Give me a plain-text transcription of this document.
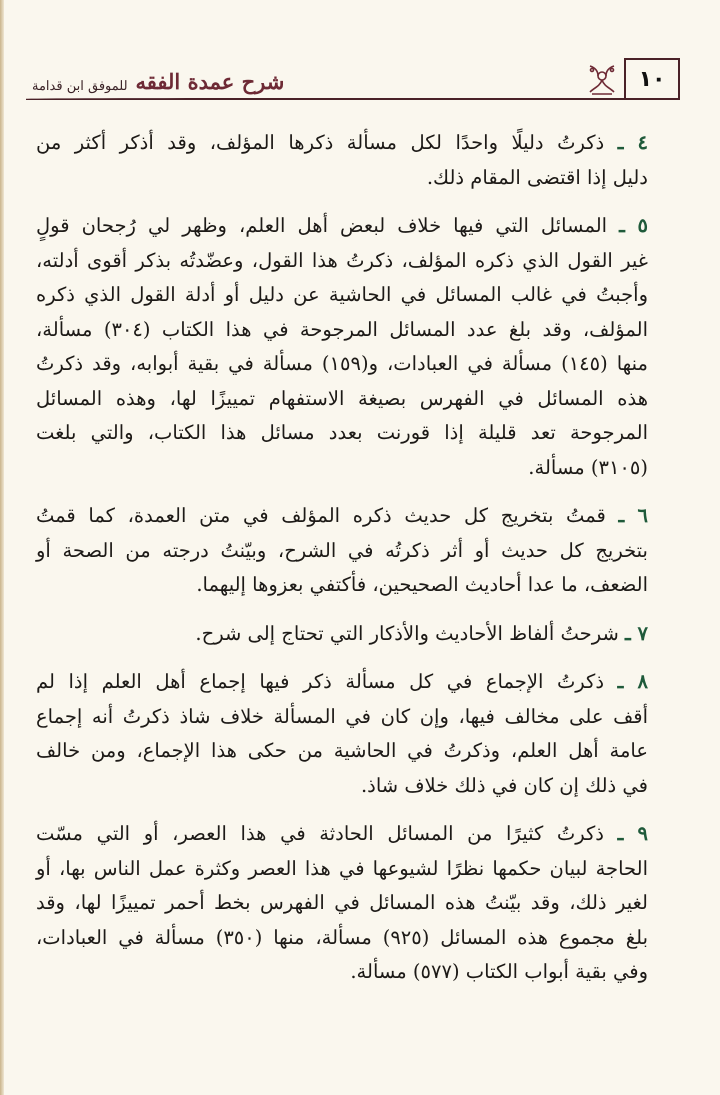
١٠
شرح عمدة الفقه
للموفق ابن قدامة
٤ ـ ذكرتُ دليلًا واحدًا لكل مسألة ذكرها المؤلف، وقد أذكر أكثر من
دليل إذا اقتضى المقام ذلك.
٥ ـ المسائل التي فيها خلاف لبعض أهل العلم، وظهر لي رُجحان قولٍ
غير القول الذي ذكره المؤلف، ذكرتُ هذا القول، وعضّدتُه بذكر أقوى أدلته،
وأجبتُ في غالب المسائل في الحاشية عن دليل أو أدلة القول الذي ذكره
المؤلف، وقد بلغ عدد المسائل المرجوحة في هذا الكتاب (٣٠٤) مسألة،
منها (١٤٥) مسألة في العبادات، و(١٥٩) مسألة في بقية أبوابه، وقد ذكرتُ
هذه المسائل في الفهرس بصيغة الاستفهام تمييزًا لها، وهذه المسائل
المرجوحة تعد قليلة إذا قورنت بعدد مسائل هذا الكتاب، والتي بلغت
(٣١٠٥) مسألة.
٦ ـ قمتُ بتخريج كل حديث ذكره المؤلف في متن العمدة، كما قمتُ
بتخريج كل حديث أو أثر ذكرتُه في الشرح، وبيّنتُ درجته من الصحة أو
الضعف، ما عدا أحاديث الصحيحين، فأكتفي بعزوها إليهما.
٧ ـ شرحتُ ألفاظ الأحاديث والأذكار التي تحتاج إلى شرح.
٨ ـ ذكرتُ الإجماع في كل مسألة ذكر فيها إجماع أهل العلم إذا لم
أقف على مخالف فيها، وإن كان في المسألة خلاف شاذ ذكرتُ أنه إجماع
عامة أهل العلم، وذكرتُ في الحاشية من حكى هذا الإجماع، ومن خالف
في ذلك إن كان في ذلك خلاف شاذ.
٩ ـ ذكرتُ كثيرًا من المسائل الحادثة في هذا العصر، أو التي مسّت
الحاجة لبيان حكمها نظرًا لشيوعها في هذا العصر وكثرة عمل الناس بها، أو
لغير ذلك، وقد بيّنتُ هذه المسائل في الفهرس بخط أحمر تمييزًا لها، وقد
بلغ مجموع هذه المسائل (٩٢٥) مسألة، منها (٣٥٠) مسألة في العبادات،
وفي بقية أبواب الكتاب (٥٧٧) مسألة.
